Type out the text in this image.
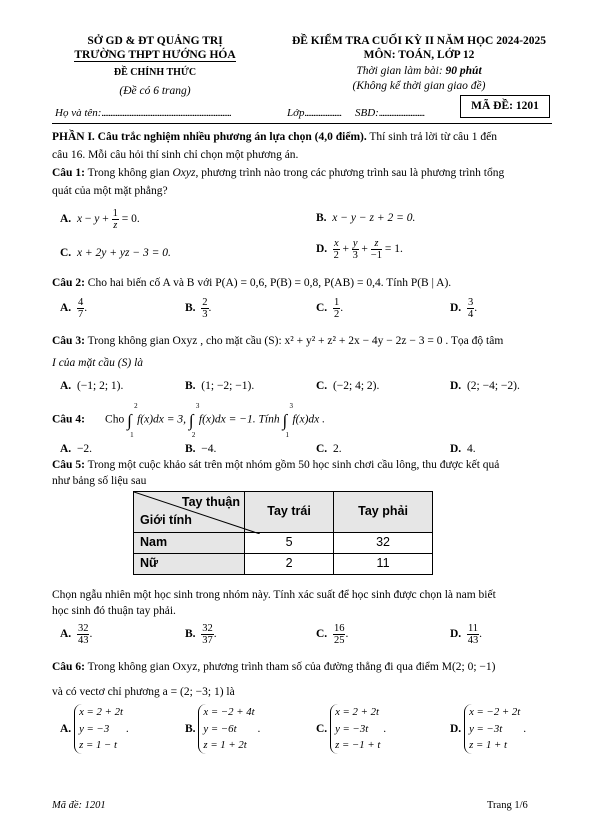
SỞ GD & ĐT QUẢNG TRỊ
TRƯỜNG THPT HƯỚNG HÓA
ĐỀ CHÍNH THỨC
(Đề có 6 trang)
ĐỀ KIỂM TRA CUỐI KỲ II NĂM HỌC 2024-2025
MÔN: TOÁN, LỚP 12
Thời gian làm bài: 90 phút
(Không kể thời gian giao đề)
Họ và tên:..........................................................................	Lớp..................... SBD:..........................
MÃ ĐỀ: 1201
PHẦN I. Câu trắc nghiệm nhiều phương án lựa chọn (4,0 điểm). Thí sinh trả lời từ câu 1 đến
câu 16. Mỗi câu hỏi thí sinh chỉ chọn một phương án.
Câu 1: Trong không gian Oxyz, phương trình nào trong các phương trình sau là phương trình tổng
quát của một mặt phẳng?
A. $x - y + \frac{1}{z} = 0$.	B. x − y − z + 2 = 0.
C. x + 2y + yz − 3 = 0.	D. $\frac{x}{2} + \frac{y}{3} + \frac{z}{-1} = 1$.
Câu 2: Cho hai biến cố A và B với P(A) = 0,6, P(B) = 0,8, P(AB) = 0,4. Tính P(B | A).
A. $\frac{4}{7}$ .	B. $\frac{2}{3}$ .	C. $\frac{1}{2}$ .	D. $\frac{3}{4}$ .
Câu 3: Trong không gian Oxyz , cho mặt cầu (S): x² + y² + z² + 2x − 4y − 2z − 3 = 0 . Tọa độ tâm
I của mặt cầu (S) là
A. (−1; 2; 1).	B. (1; −2; −1).	C. (−2; 4; 2).	D. (2; −4; −2).
Câu 4: Cho ∫
2
1
f(x)dx = 3, ∫
3
2
f(x)dx = −1. Tính ∫
3
1
f(x)dx .
A. −2.	B. −4.	C. 2.	D. 4.
Câu 5: Trong một cuộc khảo sát trên một nhóm gồm 50 học sinh chơi cầu lông, thu được kết quả
như bảng số liệu sau
Tay thuận
Giới tính	Tay trái	Tay phải
Nam	5	32
Nữ	2	11
Chọn ngẫu nhiên một học sinh trong nhóm này. Tính xác suất để học sinh được chọn là nam biết
học sinh đó thuận tay phải.
A. $\frac{32}{43}$ .	B. $\frac{32}{37}$ .	C. $\frac{16}{25}$ .	D. $\frac{11}{43}$ .
Câu 6: Trong không gian Oxyz, phương trình tham số của đường thẳng đi qua điểm M(2; 0; −1)
và có vectơ chỉ phương a = (2; −3; 1) là
A.
x = 2 + 2t
y = −3
z = 1 − t
.	B.
x = −2 + 4t
y = −6t
z = 1 + 2t
.	C.
x = 2 + 2t
y = −3t
z = −1 + t
.	D.
x = −2 + 2t
y = −3t
z = 1 + t
.
Mã đề: 1201	Trang 1/6
